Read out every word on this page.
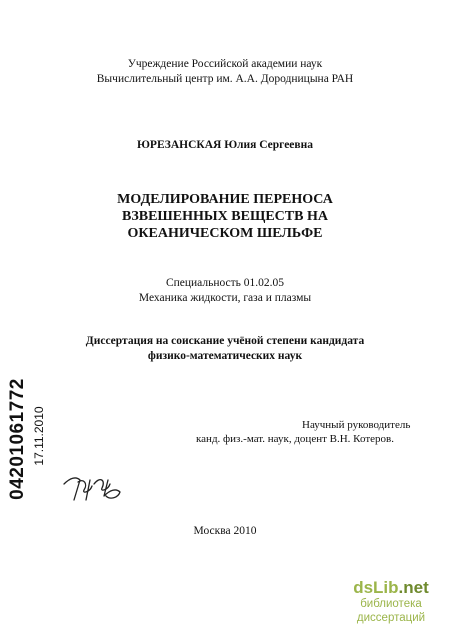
Учреждение Российской академии наук
Вычислительный центр им. А.А. Дородницына РАН
ЮРЕЗАНСКАЯ Юлия Сергеевна
МОДЕЛИРОВАНИЕ ПЕРЕНОСА
ВЗВЕШЕННЫХ ВЕЩЕСТВ НА
ОКЕАНИЧЕСКОМ ШЕЛЬФЕ
Специальность 01.02.05
Механика жидкости, газа и плазмы
Диссертация на соискание учёной степени кандидата
физико-математических наук
Научный руководитель
канд. физ.-мат. наук, доцент В.Н. Котеров.
04201061772 17.11.2010
Москва 2010
dsLib.net
библиотека диссертаций
